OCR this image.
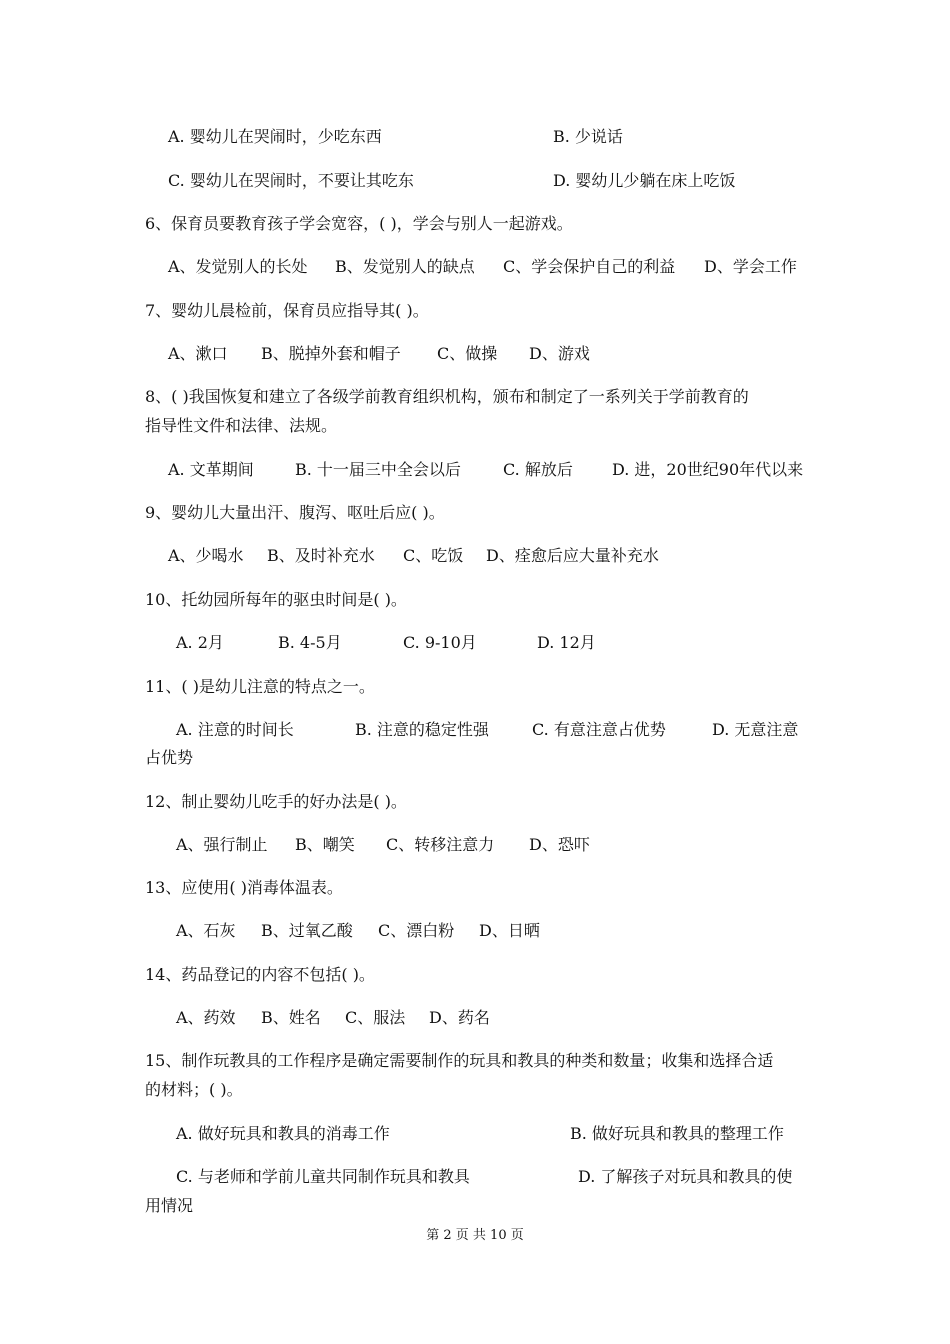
A. 婴幼儿在哭闹时，少吃东西	B. 少说话
C. 婴幼儿在哭闹时，不要让其吃东	D. 婴幼儿少躺在床上吃饭
6、保育员要教育孩子学会宽容，( )，学会与别人一起游戏。
A、发觉别人的长处 B、发觉别人的缺点 C、学会保护自己的利益 D、学会工作
7、婴幼儿晨检前，保育员应指导其( )。
A、漱口 B、脱掉外套和帽子 C、做操 D、游戏
8、( )我国恢复和建立了各级学前教育组织机构，颁布和制定了一系列关于学前教育的
指导性文件和法律、法规。
A. 文革期间	B. 十一届三中全会以后	C. 解放后 D. 进，20世纪90年代以来
9、婴幼儿大量出汗、腹泻、呕吐后应( )。
A、少喝水 B、及时补充水 C、吃饭 D、痊愈后应大量补充水
10、托幼园所每年的驱虫时间是( )。
A. 2月	B. 4-5月	C. 9-10月	D. 12月
11、( )是幼儿注意的特点之一。
A. 注意的时间长	B. 注意的稳定性强	C. 有意注意占优势	D. 无意注意
占优势
12、制止婴幼儿吃手的好办法是( )。
A、强行制止 B、嘲笑 C、转移注意力 D、恐吓
13、应使用( )消毒体温表。
A、石灰 B、过氧乙酸 C、漂白粉 D、日晒
14、药品登记的内容不包括( )。
A、药效 B、姓名 C、服法 D、药名
15、制作玩教具的工作程序是确定需要制作的玩具和教具的种类和数量；收集和选择合适
的材料；( )。
A. 做好玩具和教具的消毒工作	B. 做好玩具和教具的整理工作
C. 与老师和学前儿童共同制作玩具和教具	D. 了解孩子对玩具和教具的使
用情况
第 2 页 共 10 页
